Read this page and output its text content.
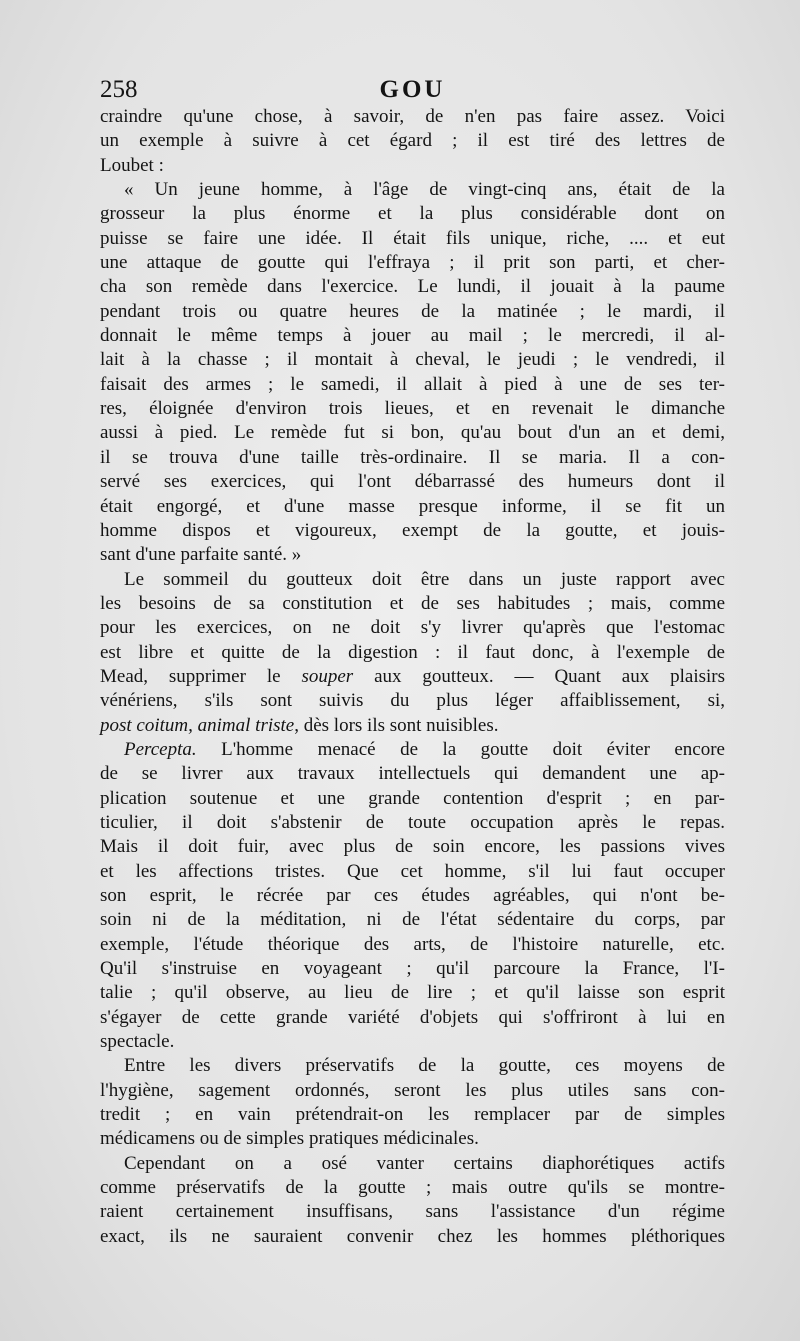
258	GOU
craindre qu'une chose, à savoir, de n'en pas faire assez. Voici
un exemple à suivre à cet égard ; il est tiré des lettres de
Loubet :
« Un jeune homme, à l'âge de vingt-cinq ans, était de la
grosseur la plus énorme et la plus considérable dont on
puisse se faire une idée. Il était fils unique, riche, .... et eut
une attaque de goutte qui l'effraya ; il prit son parti, et cher-
cha son remède dans l'exercice. Le lundi, il jouait à la paume
pendant trois ou quatre heures de la matinée ; le mardi, il
donnait le même temps à jouer au mail ; le mercredi, il al-
lait à la chasse ; il montait à cheval, le jeudi ; le vendredi, il
faisait des armes ; le samedi, il allait à pied à une de ses ter-
res, éloignée d'environ trois lieues, et en revenait le dimanche
aussi à pied. Le remède fut si bon, qu'au bout d'un an et demi,
il se trouva d'une taille très-ordinaire. Il se maria. Il a con-
servé ses exercices, qui l'ont débarrassé des humeurs dont il
était engorgé, et d'une masse presque informe, il se fit un
homme dispos et vigoureux, exempt de la goutte, et jouis-
sant d'une parfaite santé. »
Le sommeil du goutteux doit être dans un juste rapport avec
les besoins de sa constitution et de ses habitudes ; mais, comme
pour les exercices, on ne doit s'y livrer qu'après que l'estomac
est libre et quitte de la digestion : il faut donc, à l'exemple de
Mead, supprimer le souper aux goutteux. — Quant aux plaisirs
vénériens, s'ils sont suivis du plus léger affaiblissement, si,
post coitum, animal triste, dès lors ils sont nuisibles.
Percepta. L'homme menacé de la goutte doit éviter encore
de se livrer aux travaux intellectuels qui demandent une ap-
plication soutenue et une grande contention d'esprit ; en par-
ticulier, il doit s'abstenir de toute occupation après le repas.
Mais il doit fuir, avec plus de soin encore, les passions vives
et les affections tristes. Que cet homme, s'il lui faut occuper
son esprit, le récrée par ces études agréables, qui n'ont be-
soin ni de la méditation, ni de l'état sédentaire du corps, par
exemple, l'étude théorique des arts, de l'histoire naturelle, etc.
Qu'il s'instruise en voyageant ; qu'il parcoure la France, l'I-
talie ; qu'il observe, au lieu de lire ; et qu'il laisse son esprit
s'égayer de cette grande variété d'objets qui s'offriront à lui en
spectacle.
Entre les divers préservatifs de la goutte, ces moyens de
l'hygiène, sagement ordonnés, seront les plus utiles sans con-
tredit ; en vain prétendrait-on les remplacer par de simples
médicamens ou de simples pratiques médicinales.
Cependant on a osé vanter certains diaphorétiques actifs
comme préservatifs de la goutte ; mais outre qu'ils se montre-
raient certainement insuffisans, sans l'assistance d'un régime
exact, ils ne sauraient convenir chez les hommes pléthoriques
